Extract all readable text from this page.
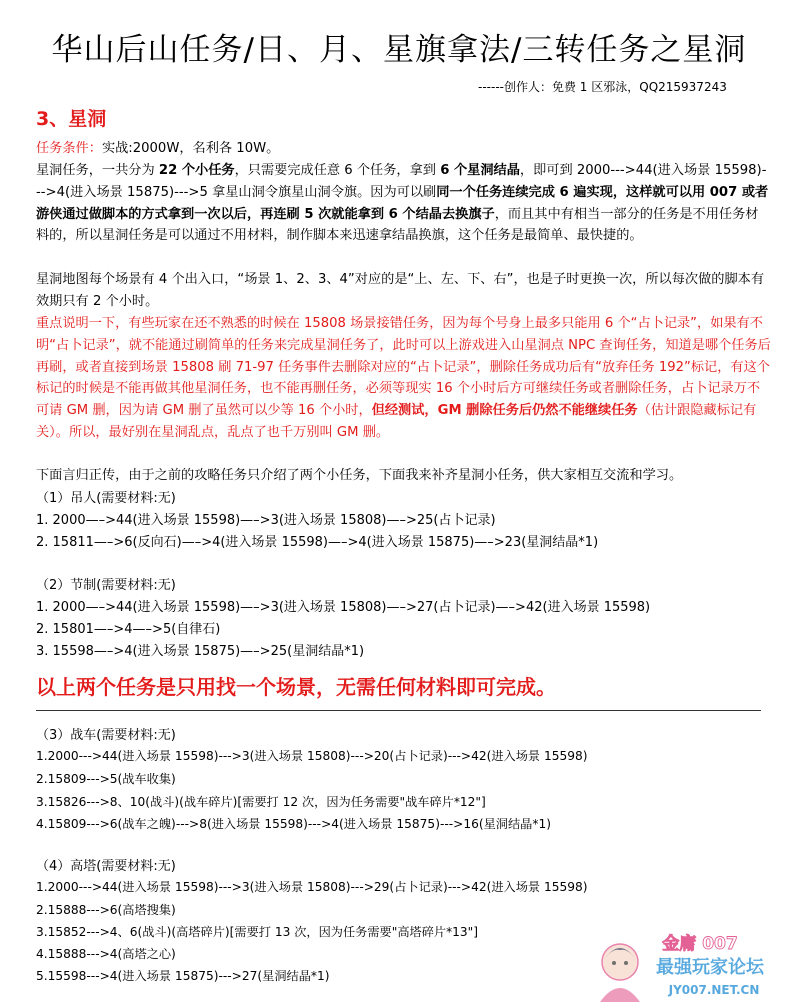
华山后山任务/日、月、星旗拿法/三转任务之星洞
------创作人：免费 1 区邪泳，QQ215937243
3、星洞
任务条件：实战:2000W，名利各 10W。
星洞任务，一共分为 22 个小任务，只需要完成任意 6 个任务，拿到 6 个星洞结晶，即可到 2000--->44(进入场景 15598)--->4(进入场景 15875)--->5 拿星山洞令旗星山洞令旗。因为可以刷同一个任务连续完成 6 遍实现，这样就可以用 007 或者游侠通过做脚本的方式拿到一次以后，再连刷 5 次就能拿到 6 个结晶去换旗子，而且其中有相当一部分的任务是不用任务材料的，所以星洞任务是可以通过不用材料，制作脚本来迅速拿结晶换旗，这个任务是最简单、最快捷的。
星洞地图每个场景有 4 个出入口，“场景 1、2、3、4”对应的是“上、左、下、右”，也是子时更换一次，所以每次做的脚本有效期只有 2 个小时。
重点说明一下，有些玩家在还不熟悉的时候在 15808 场景接错任务，因为每个号身上最多只能用 6 个“占卜记录”，如果有不明“占卜记录”，就不能通过刷简单的任务来完成星洞任务了，此时可以上游戏进入山星洞点 NPC 查询任务，知道是哪个任务后再刷，或者直接到场景 15808 刷 71-97 任务事件去删除对应的“占卜记录”，删除任务成功后有“放弃任务 192”标记，有这个标记的时候是不能再做其他星洞任务，也不能再删任务，必须等现实 16 个小时后方可继续任务或者删除任务，占卜记录万不可请 GM 删，因为请 GM 删了虽然可以少等 16 个小时，但经测试，GM 删除任务后仍然不能继续任务（估计跟隐藏标记有关）。所以，最好别在星洞乱点，乱点了也千万别叫 GM 删。
下面言归正传，由于之前的攻略任务只介绍了两个小任务，下面我来补齐星洞小任务，供大家相互交流和学习。
（1）吊人(需要材料:无)
1. 2000—–>44(进入场景 15598)—–>3(进入场景 15808)—–>25(占卜记录)
2. 15811—–>6(反向石)—–>4(进入场景 15598)—–>4(进入场景 15875)—–>23(星洞结晶*1)
（2）节制(需要材料:无)
1. 2000—–>44(进入场景 15598)—–>3(进入场景 15808)—–>27(占卜记录)—–>42(进入场景 15598)
2. 15801—–>4—–>5(自律石)
3. 15598—–>4(进入场景 15875)—–>25(星洞结晶*1)
以上两个任务是只用找一个场景，无需任何材料即可完成。
（3）战车(需要材料:无)
1.2000--->44(进入场景 15598)--->3(进入场景 15808)--->20(占卜记录)--->42(进入场景 15598)
2.15809--->5(战车收集)
3.15826--->8、10(战斗)(战车碎片)[需要打 12 次，因为任务需要"战车碎片*12"]
4.15809--->6(战车之魄)--->8(进入场景 15598)--->4(进入场景 15875)--->16(星洞结晶*1)
（4）高塔(需要材料:无)
1.2000--->44(进入场景 15598)--->3(进入场景 15808)--->29(占卜记录)--->42(进入场景 15598)
2.15888--->6(高塔搜集)
3.15852--->4、6(战斗)(高塔碎片)[需要打 13 次，因为任务需要"高塔碎片*13"]
4.15888--->4(高塔之心)
5.15598--->4(进入场景 15875)--->27(星洞结晶*1)
金庸 007
最强玩家论坛
JY007.NET.CN
